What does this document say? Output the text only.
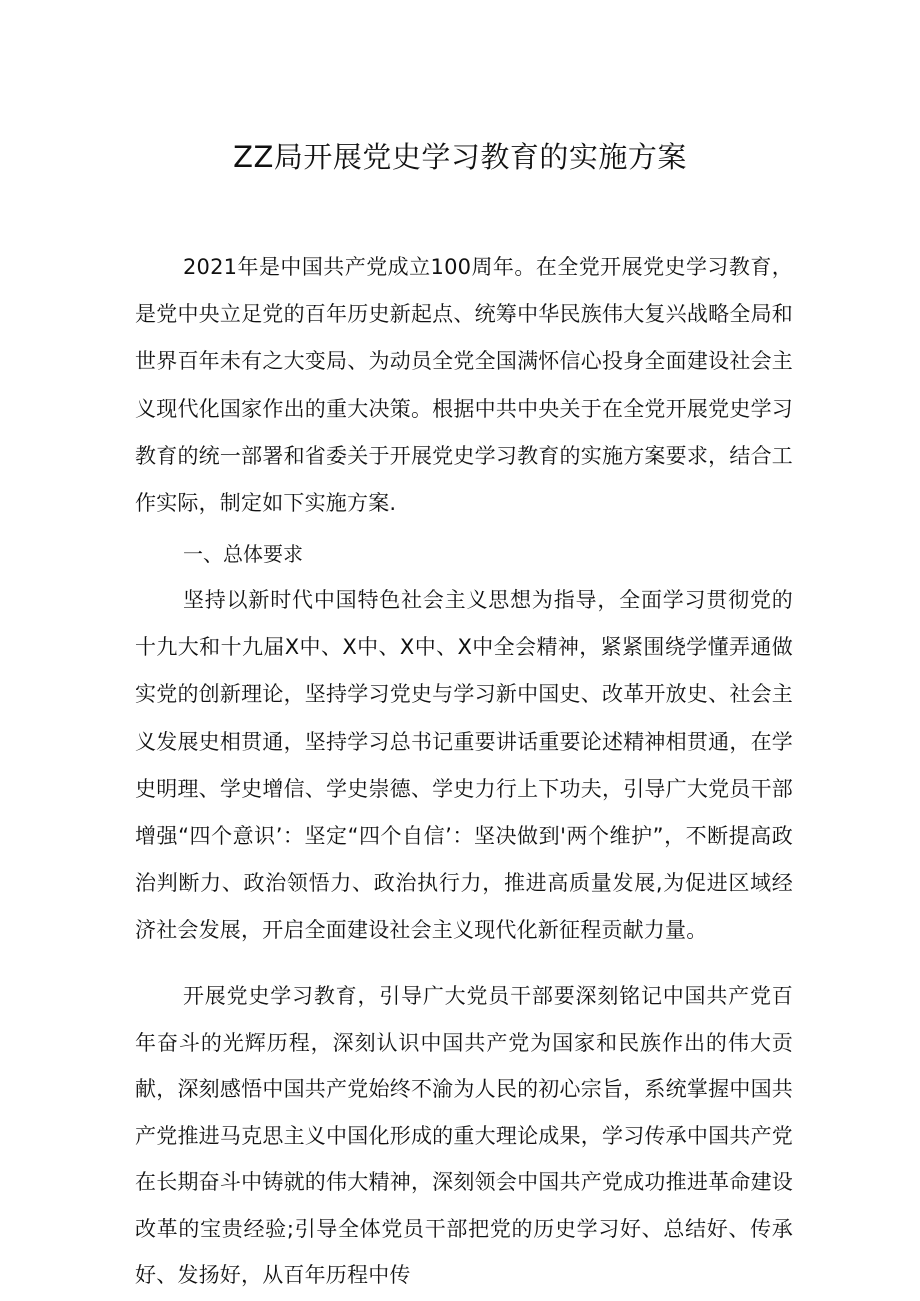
ZZ局开展党史学习教育的实施方案

2021年是中国共产党成立100周年。在全党开展党史学习教育，是党中央立足党的百年历史新起点、统筹中华民族伟大复兴战略全局和世界百年未有之大变局、为动员全党全国满怀信心投身全面建设社会主义现代化国家作出的重大决策。根据中共中央关于在全党开展党史学习教育的统一部署和省委关于开展党史学习教育的实施方案要求，结合工作实际，制定如下实施方案.

一、总体要求

坚持以新时代中国特色社会主义思想为指导，全面学习贯彻党的十九大和十九届X中、X中、X中、X中全会精神，紧紧围绕学懂弄通做实党的创新理论，坚持学习党史与学习新中国史、改革开放史、社会主义发展史相贯通，坚持学习总书记重要讲话重要论述精神相贯通，在学史明理、学史增信、学史崇德、学史力行上下功夫，引导广大党员干部增强“四个意识’：坚定“四个自信’：坚决做到'两个维护”，不断提高政治判断力、政治领悟力、政治执行力，推进高质量发展,为促进区域经济社会发展，开启全面建设社会主义现代化新征程贡献力量。

开展党史学习教育，引导广大党员干部要深刻铭记中国共产党百年奋斗的光辉历程，深刻认识中国共产党为国家和民族作出的伟大贡献，深刻感悟中国共产党始终不渝为人民的初心宗旨，系统掌握中国共产党推进马克思主义中国化形成的重大理论成果，学习传承中国共产党在长期奋斗中铸就的伟大精神，深刻领会中国共产党成功推进革命建设改革的宝贵经验;引导全体党员干部把党的历史学习好、总结好、传承好、发扬好，从百年历程中传
